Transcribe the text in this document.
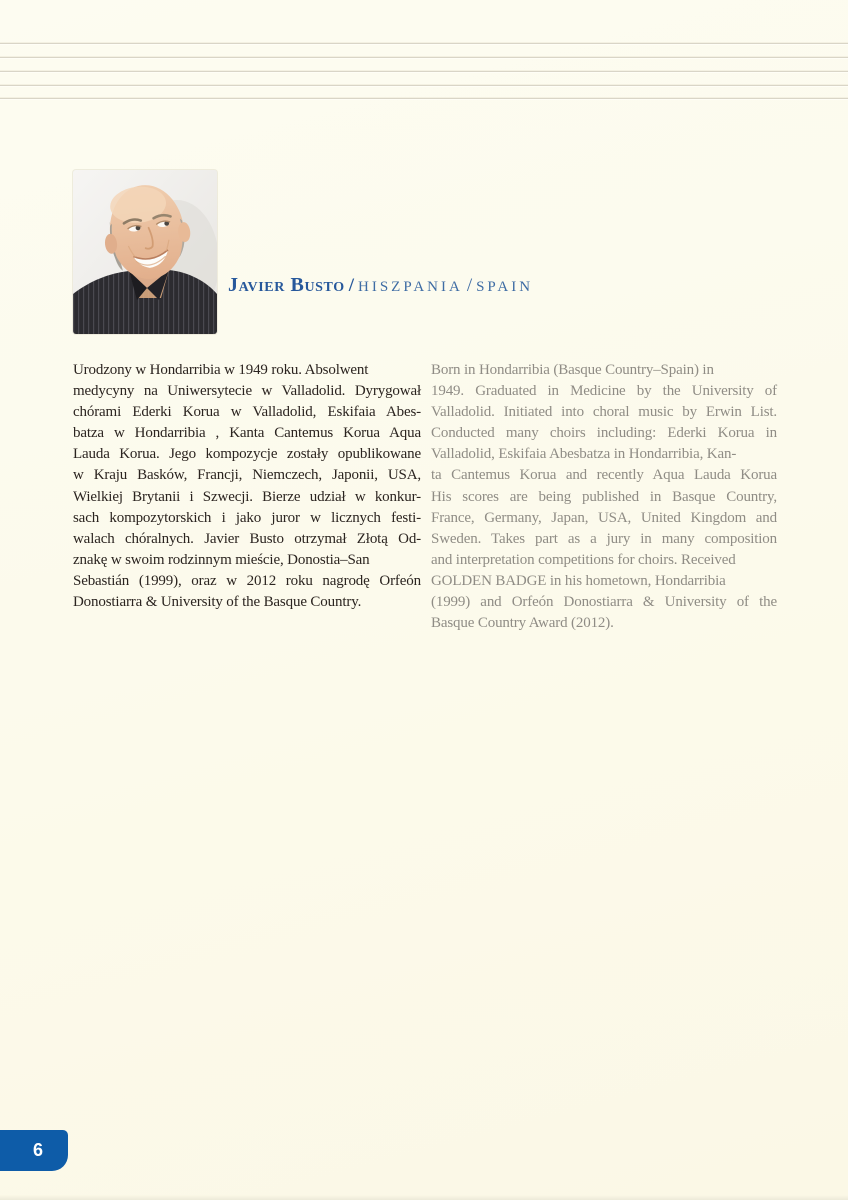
Javier Busto / HISZPANIA / SPAIN
Urodzony w Hondarribia w 1949 roku. Absolwent
medycyny na Uniwersytecie w Valladolid. Dyrygował
chórami Ederki Korua w Valladolid, Eskifaia Abes-
batza w Hondarribia , Kanta Cantemus Korua Aqua
Lauda Korua. Jego kompozycje zostały opublikowane
w Kraju Basków, Francji, Niemczech, Japonii, USA,
Wielkiej Brytanii i Szwecji. Bierze udział w konkur-
sach kompozytorskich i jako juror w licznych festi-
walach chóralnych. Javier Busto otrzymał Złotą Od-
znakę w swoim rodzinnym mieście, Donostia–San
Sebastián (1999), oraz w 2012 roku nagrodę Orfeón
Donostiarra & University of the Basque Country.
Born in Hondarribia (Basque Country–Spain) in
1949. Graduated in Medicine by the University of
Valladolid. Initiated into choral music by Erwin List.
Conducted many choirs including: Ederki Korua in
Valladolid, Eskifaia Abesbatza in Hondarribia, Kan-
ta Cantemus Korua and recently Aqua Lauda Korua
His scores are being published in Basque Country,
France, Germany, Japan, USA, United Kingdom and
Sweden. Takes part as a jury in many composition
and interpretation competitions for choirs. Received
GOLDEN BADGE in his hometown, Hondarribia
(1999) and Orfeón Donostiarra & University of the
Basque Country Award (2012).
6
